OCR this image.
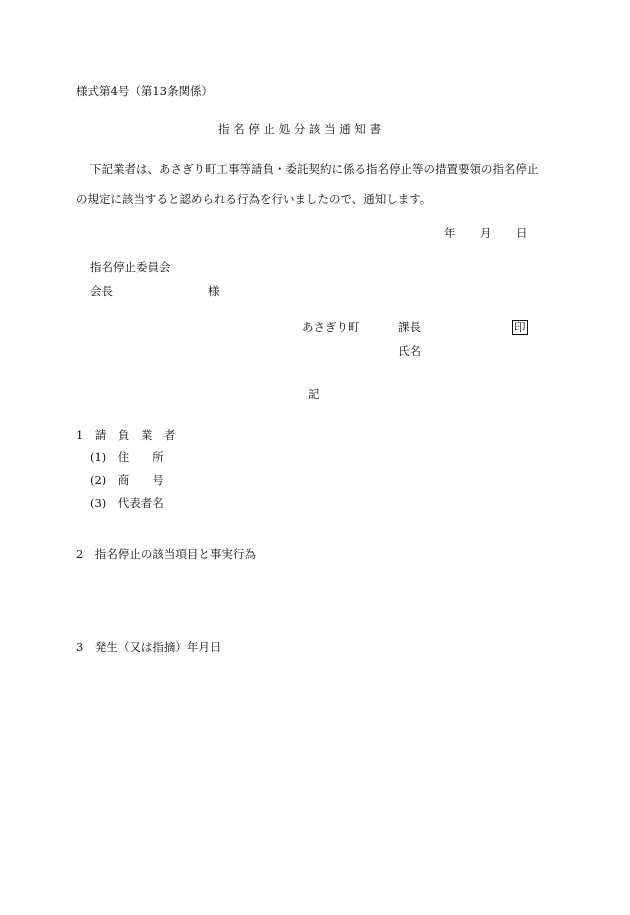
様式第4号（第13条関係）
指 名 停 止 処 分 該 当 通 知 書
下記業者は、あさぎり町工事等請負・委託契約に係る指名停止等の措置要領の指名停止
の規定に該当すると認められる行為を行いましたので、通知します。
年 月 日
指名停止委員会
会長	様
あさぎり町	課長	印
氏名
記
1　請　負　業　者
(1)　住　　所
(2)　商　　号
(3)　代表者名
2　指名停止の該当項目と事実行為
3　発生（又は指摘）年月日
